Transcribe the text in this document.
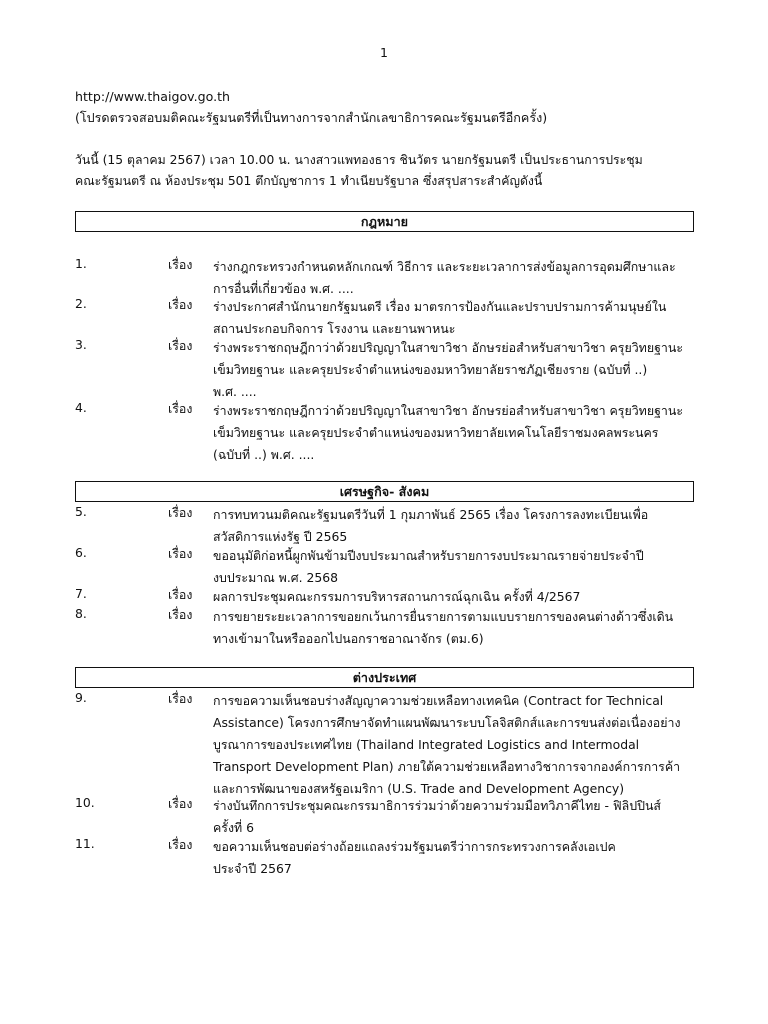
1
http://www.thaigov.go.th
(โปรดตรวจสอบมติคณะรัฐมนตรีที่เป็นทางการจากสำนักเลขาธิการคณะรัฐมนตรีอีกครั้ง)
วันนี้ (15 ตุลาคม 2567) เวลา 10.00 น. นางสาวแพทองธาร ชินวัตร นายกรัฐมนตรี เป็นประธานการประชุม
คณะรัฐมนตรี ณ ห้องประชุม 501 ตึกบัญชาการ 1 ทำเนียบรัฐบาล ซึ่งสรุปสาระสำคัญดังนี้
กฎหมาย
1.	เรื่อง ร่างกฎกระทรวงกำหนดหลักเกณฑ์ วิธีการ และระยะเวลาการส่งข้อมูลการอุดมศึกษาและ
การอื่นที่เกี่ยวข้อง พ.ศ. ....
2.	เรื่อง ร่างประกาศสำนักนายกรัฐมนตรี เรื่อง มาตรการป้องกันและปราบปรามการค้ามนุษย์ใน
สถานประกอบกิจการ โรงงาน และยานพาหนะ
3.	เรื่อง ร่างพระราชกฤษฎีกาว่าด้วยปริญญาในสาขาวิชา อักษรย่อสำหรับสาขาวิชา ครุยวิทยฐานะ
เข็มวิทยฐานะ และครุยประจำตำแหน่งของมหาวิทยาลัยราชภัฏเชียงราย (ฉบับที่ ..)
พ.ศ. ....
4.	เรื่อง ร่างพระราชกฤษฎีกาว่าด้วยปริญญาในสาขาวิชา อักษรย่อสำหรับสาขาวิชา ครุยวิทยฐานะ
เข็มวิทยฐานะ และครุยประจำตำแหน่งของมหาวิทยาลัยเทคโนโลยีราชมงคลพระนคร
(ฉบับที่ ..) พ.ศ. ....
เศรษฐกิจ- สังคม
5.	เรื่อง การทบทวนมติคณะรัฐมนตรีวันที่ 1 กุมภาพันธ์ 2565 เรื่อง โครงการลงทะเบียนเพื่อ
สวัสดิการแห่งรัฐ ปี 2565
6.	เรื่อง ขออนุมัติก่อหนี้ผูกพันข้ามปีงบประมาณสำหรับรายการงบประมาณรายจ่ายประจำปี
งบประมาณ พ.ศ. 2568
7.	เรื่อง ผลการประชุมคณะกรรมการบริหารสถานการณ์ฉุกเฉิน ครั้งที่ 4/2567
8.	เรื่อง การขยายระยะเวลาการขอยกเว้นการยื่นรายการตามแบบรายการของคนต่างด้าวซึ่งเดิน
ทางเข้ามาในหรือออกไปนอกราชอาณาจักร (ตม.6)
ต่างประเทศ
9.	เรื่อง การขอความเห็นชอบร่างสัญญาความช่วยเหลือทางเทคนิค (Contract for Technical
Assistance) โครงการศึกษาจัดทำแผนพัฒนาระบบโลจิสติกส์และการขนส่งต่อเนื่องอย่าง
บูรณาการของประเทศไทย (Thailand Integrated Logistics and Intermodal
Transport Development Plan) ภายใต้ความช่วยเหลือทางวิชาการจากองค์การการค้า
และการพัฒนาของสหรัฐอเมริกา (U.S. Trade and Development Agency)
10.	เรื่อง ร่างบันทึกการประชุมคณะกรรมาธิการร่วมว่าด้วยความร่วมมือทวิภาคีไทย - ฟิลิปปินส์
ครั้งที่ 6
11.	เรื่อง ขอความเห็นชอบต่อร่างถ้อยแถลงร่วมรัฐมนตรีว่าการกระทรวงการคลังเอเปค
ประจำปี 2567
